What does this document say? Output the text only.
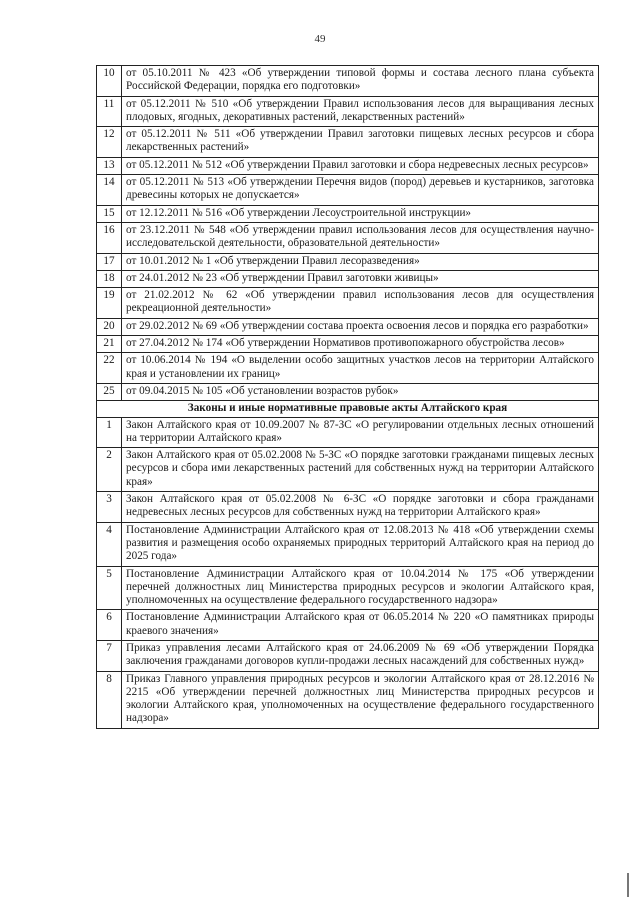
49
10	от 05.10.2011 № 423 «Об утверждении типовой формы и состава лесного плана субъекта Российской Федерации, порядка его подготовки»
11	от 05.12.2011 № 510 «Об утверждении Правил использования лесов для выращивания лесных плодовых, ягодных, декоративных растений, лекарственных растений»
12	от 05.12.2011 № 511 «Об утверждении Правил заготовки пищевых лесных ресурсов и сбора лекарственных растений»
13	от 05.12.2011 № 512 «Об утверждении Правил заготовки и сбора недревесных лесных ресурсов»
14	от 05.12.2011 № 513 «Об утверждении Перечня видов (пород) деревьев и кустарников, заготовка древесины которых не допускается»
15	от 12.12.2011 № 516 «Об утверждении Лесоустроительной инструкции»
16	от 23.12.2011 № 548 «Об утверждении правил использования лесов для осуществления научно-исследовательской деятельности, образовательной деятельности»
17	от 10.01.2012 № 1 «Об утверждении Правил лесоразведения»
18	от 24.01.2012 № 23 «Об утверждении Правил заготовки живицы»
19	от 21.02.2012 № 62 «Об утверждении правил использования лесов для осуществления рекреационной деятельности»
20	от 29.02.2012 № 69 «Об утверждении состава проекта освоения лесов и порядка его разработки»
21	от 27.04.2012 № 174 «Об утверждении Нормативов противопожарного обустройства лесов»
22	от 10.06.2014 № 194 «О выделении особо защитных участков лесов на территории Алтайского края и установлении их границ»
25	от 09.04.2015 № 105 «Об установлении возрастов рубок»
Законы и иные нормативные правовые акты Алтайского края	
1	Закон Алтайского края от 10.09.2007 № 87-ЗС «О регулировании отдельных лесных отношений на территории Алтайского края»
2	Закон Алтайского края от 05.02.2008 № 5-ЗС «О порядке заготовки гражданами пищевых лесных ресурсов и сбора ими лекарственных растений для собственных нужд на территории Алтайского края»
3	Закон Алтайского края от 05.02.2008 № 6-ЗС «О порядке заготовки и сбора гражданами недревесных лесных ресурсов для собственных нужд на территории Алтайского края»
4	Постановление Администрации Алтайского края от 12.08.2013 № 418 «Об утверждении схемы развития и размещения особо охраняемых природных территорий Алтайского края на период до 2025 года»
5	Постановление Администрации Алтайского края от 10.04.2014 № 175 «Об утверждении перечней должностных лиц Министерства природных ресурсов и экологии Алтайского края, уполномоченных на осуществление федерального государственного надзора»
6	Постановление Администрации Алтайского края от 06.05.2014 № 220 «О памятниках природы краевого значения»
7	Приказ управления лесами Алтайского края от 24.06.2009 № 69 «Об утверждении Порядка заключения гражданами договоров купли-продажи лесных насаждений для собственных нужд»
8	Приказ Главного управления природных ресурсов и экологии Алтайского края от 28.12.2016 № 2215 «Об утверждении перечней должностных лиц Министерства природных ресурсов и экологии Алтайского края, уполномоченных на осуществление федерального государственного надзора»
